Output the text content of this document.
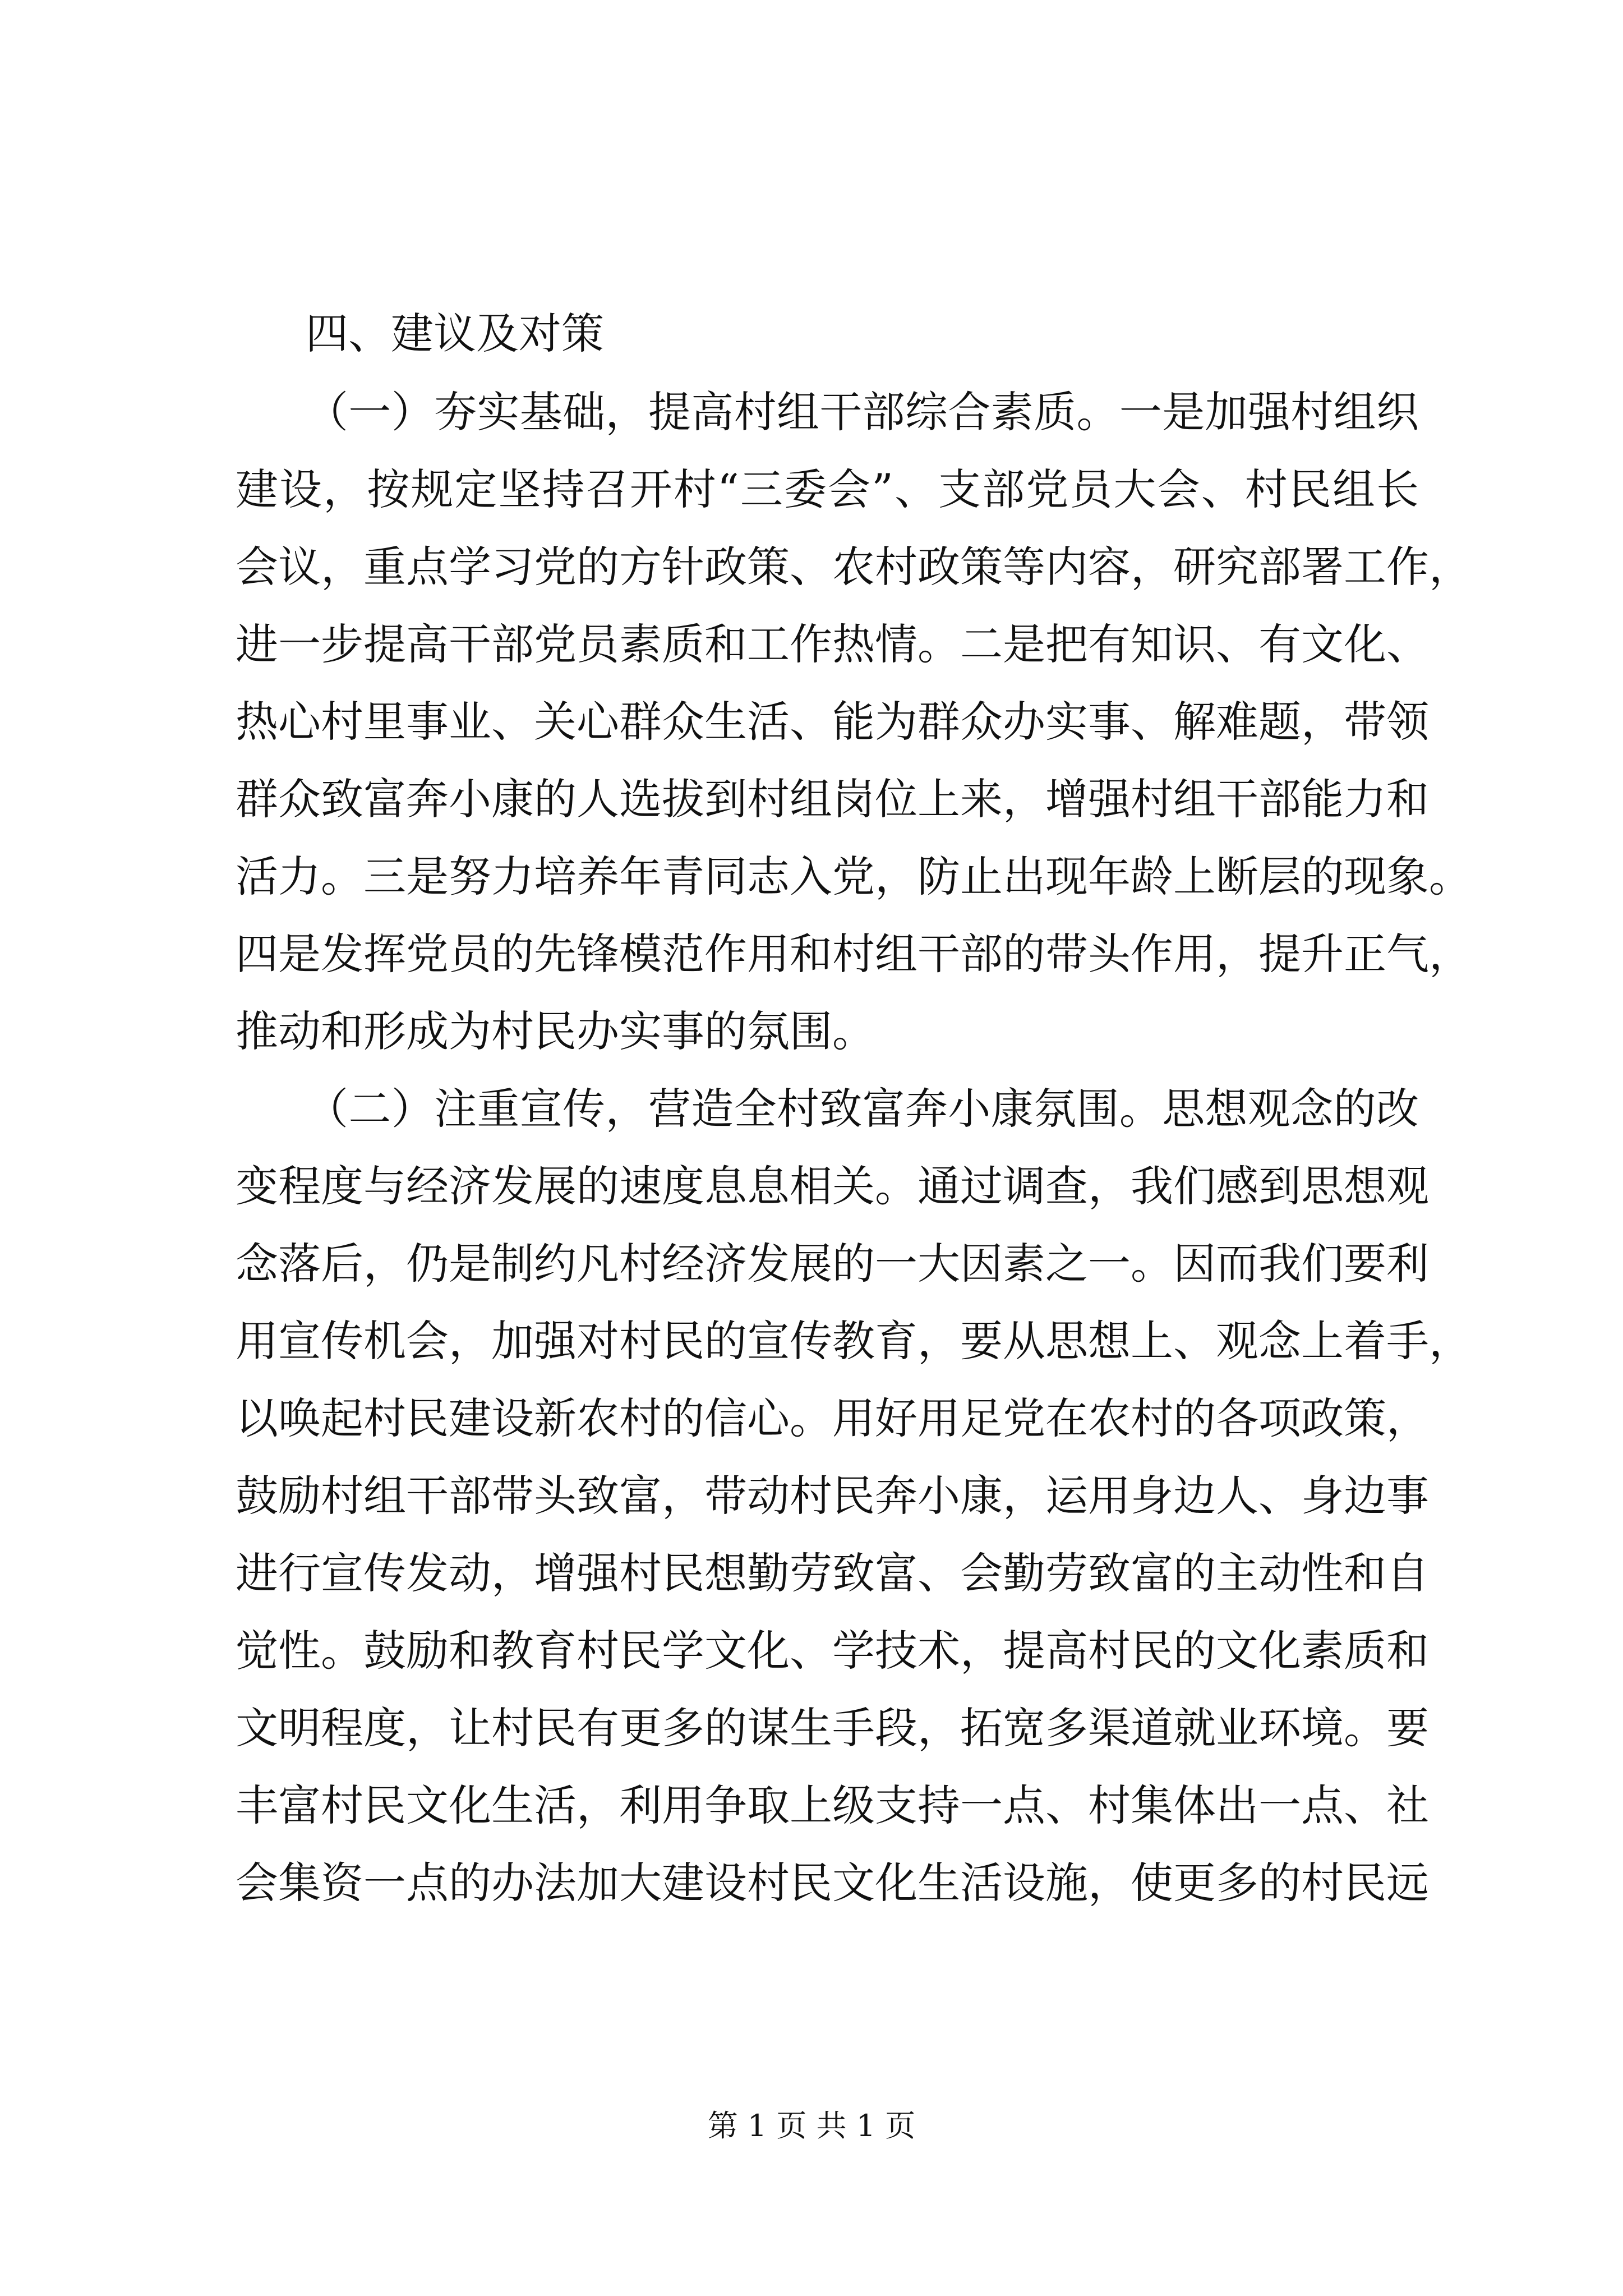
四、建议及对策
（一）夯实基础，提高村组干部综合素质。一是加强村组织
建设，按规定坚持召开村“三委会”、支部党员大会、村民组长
会议，重点学习党的方针政策、农村政策等内容，研究部署工作，
进一步提高干部党员素质和工作热情。二是把有知识、有文化、
热心村里事业、关心群众生活、能为群众办实事、解难题，带领
群众致富奔小康的人选拔到村组岗位上来，增强村组干部能力和
活力。三是努力培养年青同志入党，防止出现年龄上断层的现象。
四是发挥党员的先锋模范作用和村组干部的带头作用，提升正气，
推动和形成为村民办实事的氛围。
（二）注重宣传，营造全村致富奔小康氛围。思想观念的改
变程度与经济发展的速度息息相关。通过调查，我们感到思想观
念落后，仍是制约凡村经济发展的一大因素之一。因而我们要利
用宣传机会，加强对村民的宣传教育，要从思想上、观念上着手，
以唤起村民建设新农村的信心。用好用足党在农村的各项政策，
鼓励村组干部带头致富，带动村民奔小康，运用身边人、身边事
进行宣传发动，增强村民想勤劳致富、会勤劳致富的主动性和自
觉性。鼓励和教育村民学文化、学技术，提高村民的文化素质和
文明程度，让村民有更多的谋生手段，拓宽多渠道就业环境。要
丰富村民文化生活，利用争取上级支持一点、村集体出一点、社
会集资一点的办法加大建设村民文化生活设施，使更多的村民远
第 1 页 共 1 页
